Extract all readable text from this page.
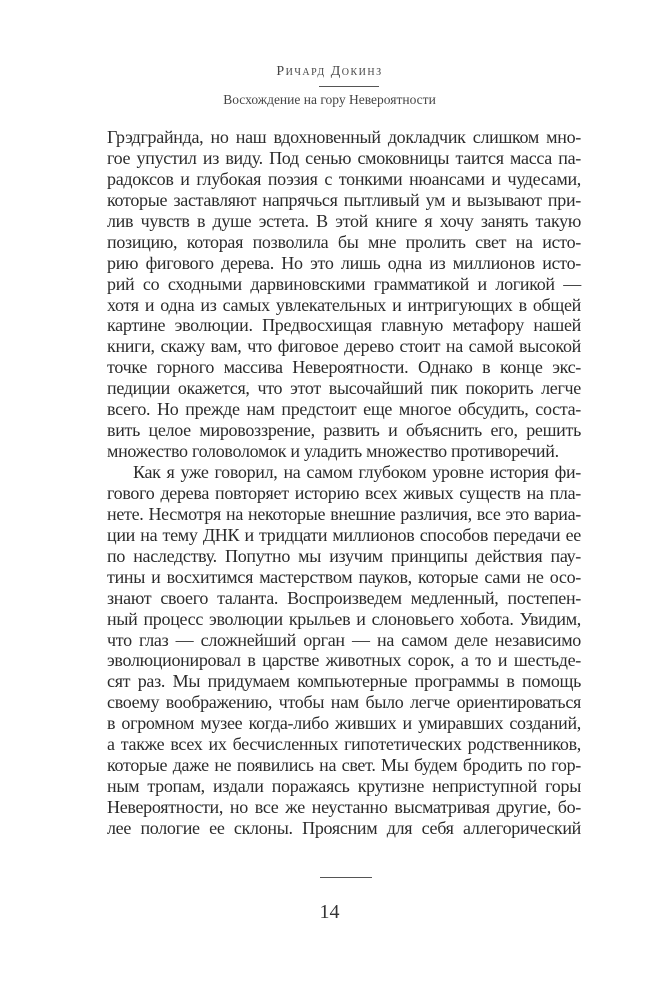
Ричард Докинз
Восхождение на гору Невероятности
Грэдграйнда, но наш вдохновенный докладчик слишком мно-
гое упустил из виду. Под сенью смоковницы таится масса па-
радоксов и глубокая поэзия с тонкими нюансами и чудесами,
которые заставляют напрячься пытливый ум и вызывают при-
лив чувств в душе эстета. В этой книге я хочу занять такую
позицию, которая позволила бы мне пролить свет на исто-
рию фигового дерева. Но это лишь одна из миллионов исто-
рий со сходными дарвиновскими грамматикой и логикой —
хотя и одна из самых увлекательных и интригующих в общей
картине эволюции. Предвосхищая главную метафору нашей
книги, скажу вам, что фиговое дерево стоит на самой высокой
точке горного массива Невероятности. Однако в конце экс-
педиции окажется, что этот высочайший пик покорить легче
всего. Но прежде нам предстоит еще многое обсудить, соста-
вить целое мировоззрение, развить и объяснить его, решить
множество головоломок и уладить множество противоречий.
Как я уже говорил, на самом глубоком уровне история фи-
гового дерева повторяет историю всех живых существ на пла-
нете. Несмотря на некоторые внешние различия, все это вариа-
ции на тему ДНК и тридцати миллионов способов передачи ее
по наследству. Попутно мы изучим принципы действия пау-
тины и восхитимся мастерством пауков, которые сами не осо-
знают своего таланта. Воспроизведем медленный, постепен-
ный процесс эволюции крыльев и слоновьего хобота. Увидим,
что глаз — сложнейший орган — на самом деле независимо
эволюционировал в царстве животных сорок, а то и шестьде-
сят раз. Мы придумаем компьютерные программы в помощь
своему воображению, чтобы нам было легче ориентироваться
в огромном музее когда-либо живших и умиравших созданий,
а также всех их бесчисленных гипотетических родственников,
которые даже не появились на свет. Мы будем бродить по гор-
ным тропам, издали поражаясь крутизне неприступной горы
Невероятности, но все же неустанно высматривая другие, бо-
лее пологие ее склоны. Проясним для себя аллегорический
14
